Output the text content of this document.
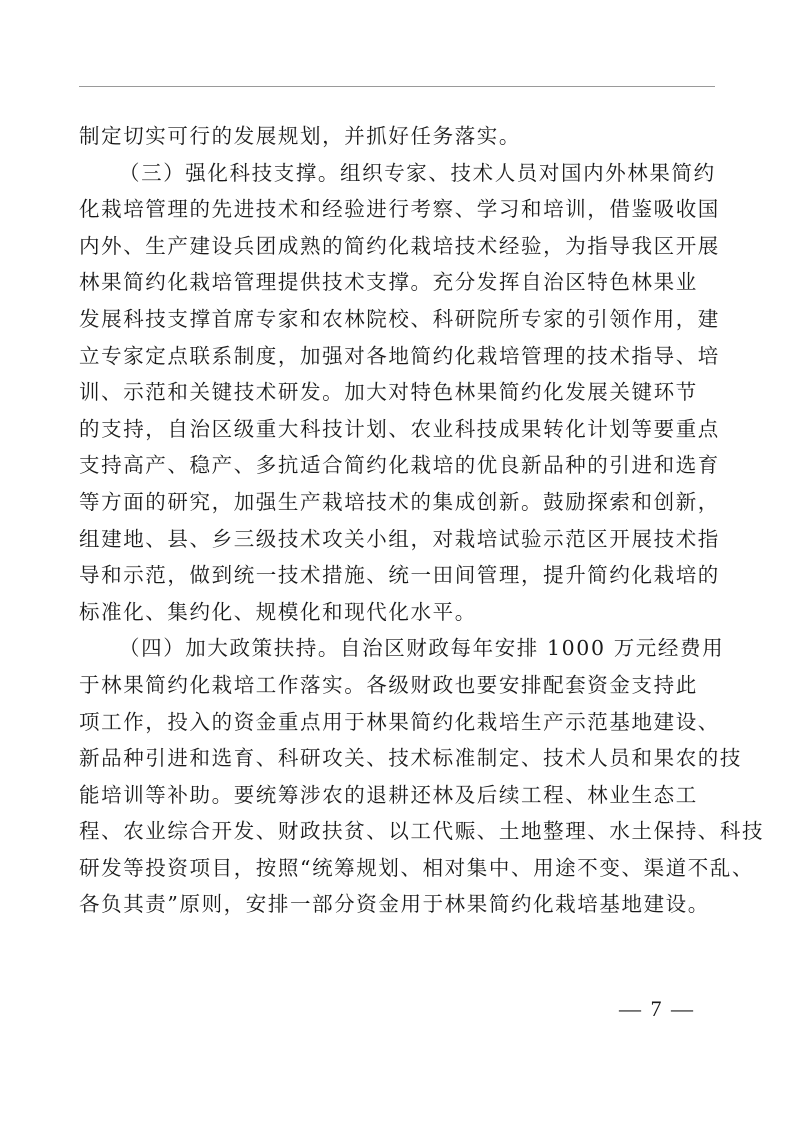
制定切实可行的发展规划，并抓好任务落实。
（三）强化科技支撑。组织专家、技术人员对国内外林果简约
化栽培管理的先进技术和经验进行考察、学习和培训，借鉴吸收国
内外、生产建设兵团成熟的简约化栽培技术经验，为指导我区开展
林果简约化栽培管理提供技术支撑。充分发挥自治区特色林果业
发展科技支撑首席专家和农林院校、科研院所专家的引领作用，建
立专家定点联系制度，加强对各地简约化栽培管理的技术指导、培
训、示范和关键技术研发。加大对特色林果简约化发展关键环节
的支持，自治区级重大科技计划、农业科技成果转化计划等要重点
支持高产、稳产、多抗适合简约化栽培的优良新品种的引进和选育
等方面的研究，加强生产栽培技术的集成创新。鼓励探索和创新，
组建地、县、乡三级技术攻关小组，对栽培试验示范区开展技术指
导和示范，做到统一技术措施、统一田间管理，提升简约化栽培的
标准化、集约化、规模化和现代化水平。
（四）加大政策扶持。自治区财政每年安排 1000 万元经费用
于林果简约化栽培工作落实。各级财政也要安排配套资金支持此
项工作，投入的资金重点用于林果简约化栽培生产示范基地建设、
新品种引进和选育、科研攻关、技术标准制定、技术人员和果农的技
能培训等补助。要统筹涉农的退耕还林及后续工程、林业生态工
程、农业综合开发、财政扶贫、以工代赈、土地整理、水土保持、科技
研发等投资项目，按照“统筹规划、相对集中、用途不变、渠道不乱、
各负其责”原则，安排一部分资金用于林果简约化栽培基地建设。
— 7 —
